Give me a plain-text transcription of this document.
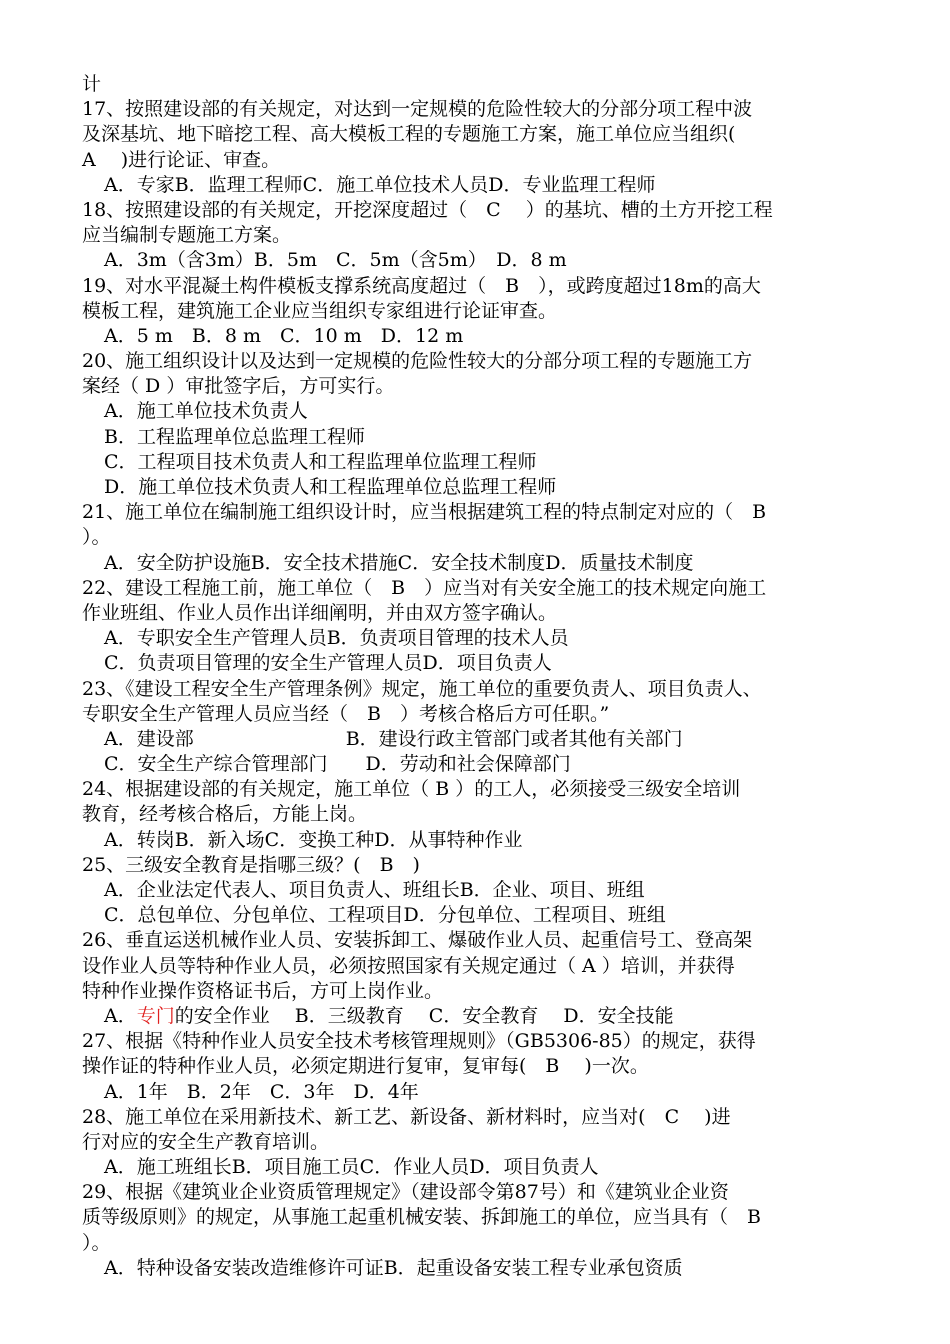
计
17、按照建设部的有关规定，对达到一定规模的危险性较大的分部分项工程中波
及深基坑、地下暗挖工程、高大模板工程的专题施工方案，施工单位应当组织(
A　 )进行论证、审查。
A．专家B．监理工程师C．施工单位技术人员D．专业监理工程师
18、按照建设部的有关规定，开挖深度超过（　C　 ）的基坑、槽的土方开挖工程
应当编制专题施工方案。
A．3m（含3m）B．5m　C．5m（含5m）　D．8 m
19、对水平混凝土构件模板支撑系统高度超过（　B　），或跨度超过18m的高大
模板工程，建筑施工企业应当组织专家组进行论证审查。
A．5 m　B．8 m　C．10 m　D．12 m
20、施工组织设计以及达到一定规模的危险性较大的分部分项工程的专题施工方
案经（ D ）审批签字后，方可实行。
A．施工单位技术负责人
B．工程监理单位总监理工程师
C．工程项目技术负责人和工程监理单位监理工程师
D．施工单位技术负责人和工程监理单位总监理工程师
21、施工单位在编制施工组织设计时，应当根据建筑工程的特点制定对应的（　B
）。
A．安全防护设施B．安全技术措施C．安全技术制度D．质量技术制度
22、建设工程施工前，施工单位（　B　）应当对有关安全施工的技术规定向施工
作业班组、作业人员作出详细阐明，并由双方签字确认。
A．专职安全生产管理人员B．负责项目管理的技术人员
C．负责项目管理的安全生产管理人员D．项目负责人
23、《建设工程安全生产管理条例》规定，施工单位的重要负责人、项目负责人、
专职安全生产管理人员应当经（　B　）考核合格后方可任职。”
A．建设部　　　　　　　　B．建设行政主管部门或者其他有关部门
C．安全生产综合管理部门　　D．劳动和社会保障部门
24、根据建设部的有关规定，施工单位（ B ）的工人，必须接受三级安全培训
教育，经考核合格后，方能上岗。
A．转岗B．新入场C．变换工种D．从事特种作业
25、三级安全教育是指哪三级？(　B　)
A．企业法定代表人、项目负责人、班组长B．企业、项目、班组
C．总包单位、分包单位、工程项目D．分包单位、工程项目、班组
26、垂直运送机械作业人员、安装拆卸工、爆破作业人员、起重信号工、登高架
设作业人员等特种作业人员，必须按照国家有关规定通过（ A ）培训，并获得
特种作业操作资格证书后，方可上岗作业。
A．专门的安全作业　 B．三级教育　 C．安全教育　 D．安全技能
27、根据《特种作业人员安全技术考核管理规则》（GB5306-85）的规定，获得
操作证的特种作业人员，必须定期进行复审，复审每(　B　 )一次。
A．1年　B．2年　C．3年　D．4年
28、施工单位在采用新技术、新工艺、新设备、新材料时，应当对(　C　 )进
行对应的安全生产教育培训。
A．施工班组长B．项目施工员C．作业人员D．项目负责人
29、根据《建筑业企业资质管理规定》（建设部令第87号）和《建筑业企业资
质等级原则》的规定，从事施工起重机械安装、拆卸施工的单位，应当具有（　B
）。
A．特种设备安装改造维修许可证B．起重设备安装工程专业承包资质
